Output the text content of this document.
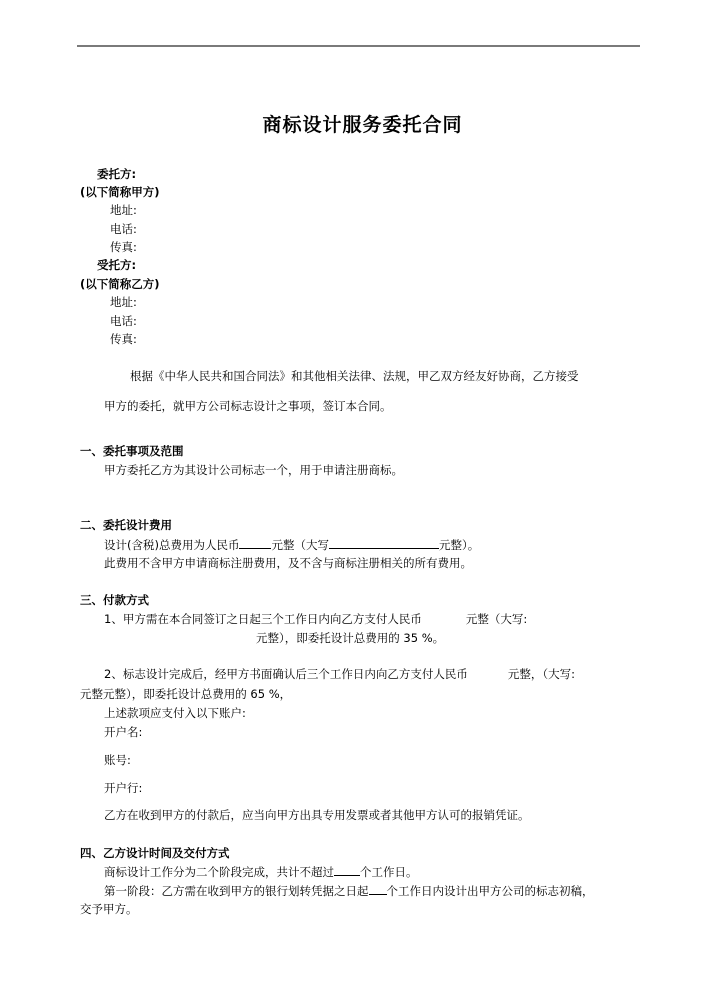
商标设计服务委托合同
委托方:
(以下简称甲方)
地址:
电话:
传真:
受托方:
(以下简称乙方)
地址:
电话:
传真:
根据《中华人民共和国合同法》和其他相关法律、法规，甲乙双方经友好协商，乙方接受
甲方的委托，就甲方公司标志设计之事项，签订本合同。
一、委托事项及范围
甲方委托乙方为其设计公司标志一个，用于申请注册商标。
二、委托设计费用
设计(含税)总费用为人民币	元整（大写	元整）。
此费用不含甲方申请商标注册费用，及不含与商标注册相关的所有费用。
三、付款方式
1、甲方需在本合同签订之日起三个工作日内向乙方支付人民币	元整（大写:
元整），即委托设计总费用的 35 %。
2、标志设计完成后，经甲方书面确认后三个工作日内向乙方支付人民币	元整，（大写:
元整元整），即委托设计总费用的 65 %，
上述款项应支付入以下账户:
开户名:
账号:
开户行:
乙方在收到甲方的付款后，应当向甲方出具专用发票或者其他甲方认可的报销凭证。
四、乙方设计时间及交付方式
商标设计工作分为二个阶段完成，共计不超过 个工作日。
第一阶段：乙方需在收到甲方的银行划转凭据之日起 个工作日内设计出甲方公司的标志初稿，
交予甲方。
